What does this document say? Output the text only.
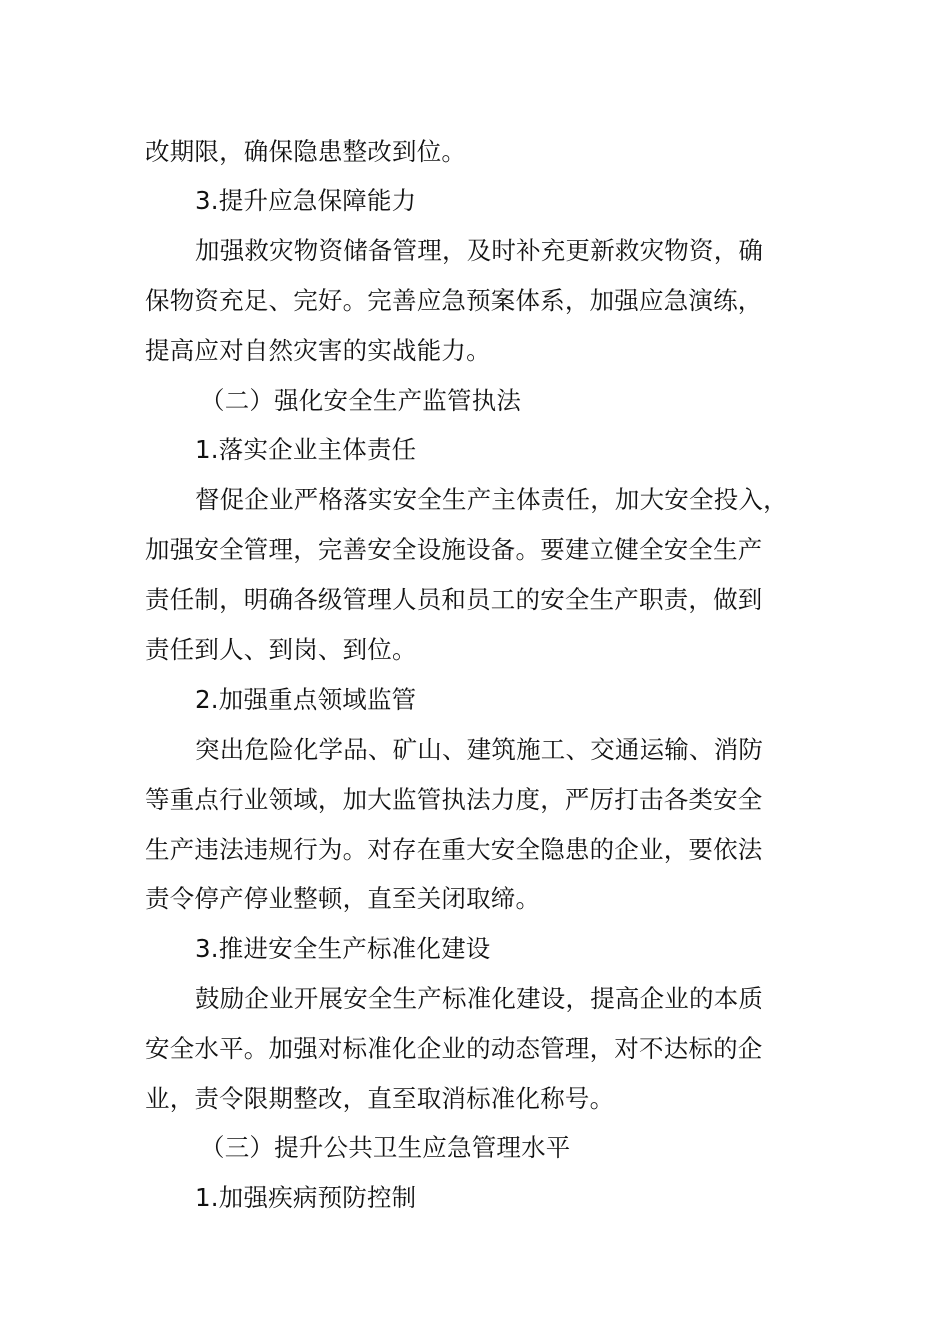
改期限，确保隐患整改到位。
3.提升应急保障能力
加强救灾物资储备管理，及时补充更新救灾物资，确
保物资充足、完好。完善应急预案体系，加强应急演练，
提高应对自然灾害的实战能力。
（二）强化安全生产监管执法
1.落实企业主体责任
督促企业严格落实安全生产主体责任，加大安全投入，
加强安全管理，完善安全设施设备。要建立健全安全生产
责任制，明确各级管理人员和员工的安全生产职责，做到
责任到人、到岗、到位。
2.加强重点领域监管
突出危险化学品、矿山、建筑施工、交通运输、消防
等重点行业领域，加大监管执法力度，严厉打击各类安全
生产违法违规行为。对存在重大安全隐患的企业，要依法
责令停产停业整顿，直至关闭取缔。
3.推进安全生产标准化建设
鼓励企业开展安全生产标准化建设，提高企业的本质
安全水平。加强对标准化企业的动态管理，对不达标的企
业，责令限期整改，直至取消标准化称号。
（三）提升公共卫生应急管理水平
1.加强疾病预防控制
